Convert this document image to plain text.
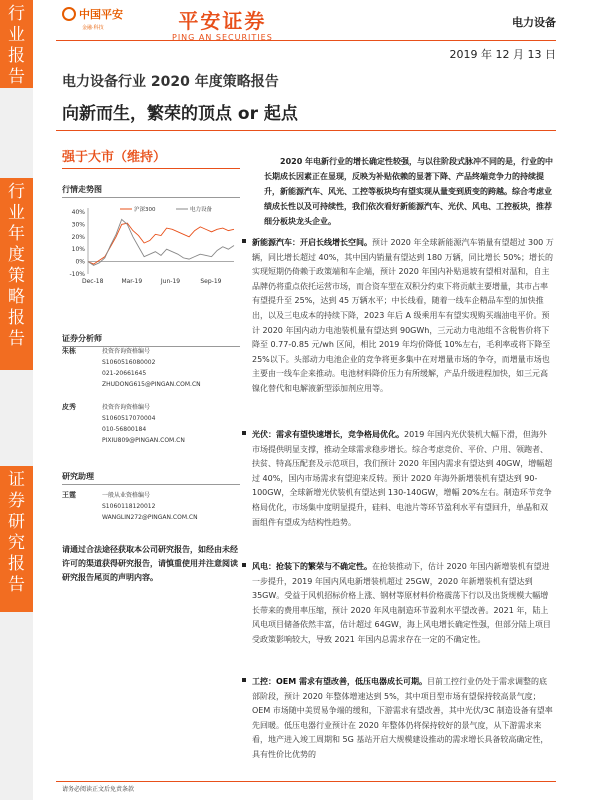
行
业
报
告
行
业
年
度
策
略
报
告
证
券
研
究
报
告
中国平安
金融·科技	平安证券
PING AN SECURITIES
电力设备
2019 年 12 月 13 日
电力设备行业 2020 年度策略报告
向新而生，繁荣的顶点 or 起点
强于大市（维持）	2020 年电新行业的增长确定性较强，与以往阶段式脉冲不同的是，行业的中长期成长因素正在显现，反映为补贴依赖的显著下降、产品终端竞争力的持续提升，新能源汽车、风光、工控等板块均有望实现从量变到质变的跨越。综合考虑业绩成长性以及可持续性，我们依次看好新能源汽车、光伏、风电、工控板块，推荐细分板块龙头企业。
行情走势图
40%
30%
20%
10%
0%
-10%
Dec-18	Mar-19	Jun-19	Sep-19
沪深300	电力设备
证券分析师
朱栋	投资咨询资格编号
S1060516080002
021-20661645
ZHUDONG615@PINGAN.COM.CN
皮秀	投资咨询资格编号
S1060517070004
010-56800184
PIXIU809@PINGAN.COM.CN
研究助理
王霆	一般从业资格编号
S1060118120012
WANGLIN272@PINGAN.COM.CN
请通过合法途径获取本公司研究报告，如经由未经许可的渠道获得研究报告，请慎重使用并注意阅读研究报告尾页的声明内容。
新能源汽车：开启长线增长空间。预计 2020 年全球新能源汽车销量有望超过 300 万辆，同比增长超过 40%，其中国内销量有望达到 180 万辆，同比增长 50%；增长的实现短期仍倚赖于政策端和车企端，预计 2020 年国内补贴退坡有望相对温和，自主品牌仍将重点依托运营市场，而合资车型在双积分约束下将贡献主要增量，其市占率有望提升至 25%，达到 45 万辆水平；中长线看，随着一线车企精品车型的加快推出，以及三电成本的持续下降，2023 年后 A 级乘用车有望实现购买端油电平价。预计 2020 年国内动力电池装机量有望达到 90GWh，三元动力电池组不含税售价将下降至 0.77-0.85 元/wh 区间，相比 2019 年均价降低 10%左右，毛利率或将下降至 25%以下。头部动力电池企业的竞争将更多集中在对增量市场的争夺，而增量市场也主要由一线车企来推动。电池材料降价压力有所缓解，产品升级进程加快，如三元高镍化替代和电解液新型添加剂应用等。
光伏：需求有望快速增长，竞争格局优化。2019 年国内光伏装机大幅下滑，但海外市场提供明显支撑，推动全球需求稳步增长。综合考虑竞价、平价、户用、领跑者、扶贫、特高压配套及示范项目，我们预计 2020 年国内需求有望达到 40GW，增幅超过 40%，国内市场需求有望迎来反转。预计 2020 年海外新增装机有望达到 90-100GW，全球新增光伏装机有望达到 130-140GW，增幅 20%左右。制造环节竞争格局优化，市场集中度明显提升，硅料、电池片等环节盈利水平有望回升，单晶和双面组件有望成为结构性趋势。
风电：抢装下的繁荣与不确定性。在抢装推动下，估计 2020 年国内新增装机有望进一步提升，2019 年国内风电新增装机超过 25GW，2020 年新增装机有望达到 35GW。受益于风机招标价格上涨、钢材等原材料价格震荡下行以及出货规模大幅增长带来的费用率压缩，预计 2020 年风电制造环节盈利水平望改善。2021 年，陆上风电项目储备依然丰富，估计超过 64GW，海上风电增长确定性强，但部分陆上项目受政策影响较大，导致 2021 年国内总需求存在一定的不确定性。
工控：OEM 需求有望改善，低压电器成长可期。目前工控行业仍处于需求调整的底部阶段，预计 2020 年整体增速达到 5%，其中项目型市场有望保持较高景气度；OEM 市场随中美贸易争端的缓和，下游需求有望改善，其中光伏/3C 制造设备有望率先回暖。低压电器行业预计在 2020 年整体仍将保持较好的景气度，从下游需求来看，地产进入竣工周期和 5G 基站开启大规模建设推动的需求增长具备较高确定性，具有性价比优势的
请务必阅读正文后免责条款
